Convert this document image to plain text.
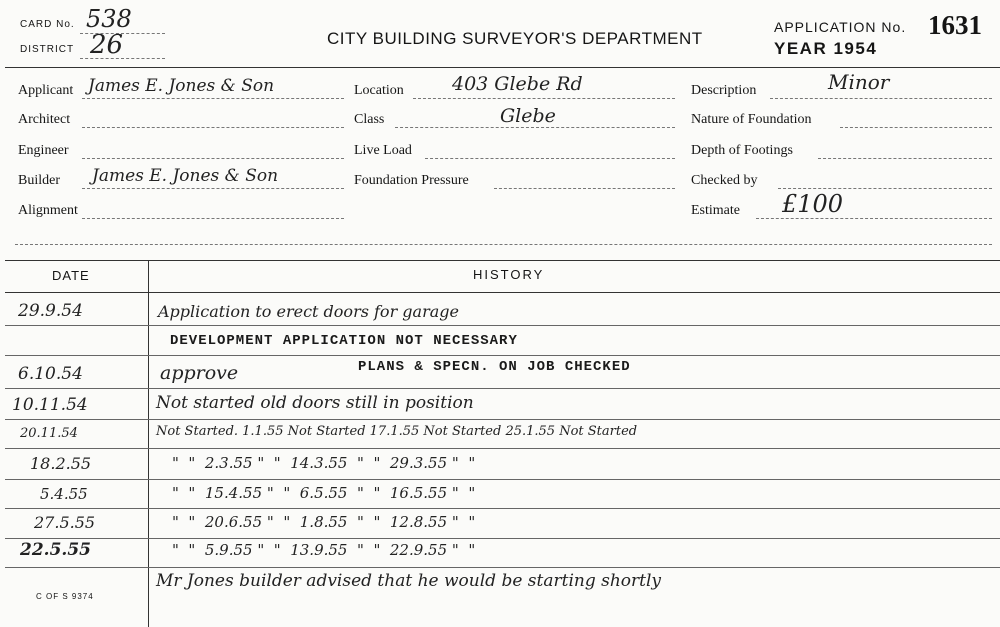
CARD No. 538
DISTRICT 26	CITY BUILDING SURVEYOR'S DEPARTMENT
APPLICATION No. 1631
YEAR 1954
Applicant James E. Jones & Son
Architect
Engineer
Builder James E. Jones & Son
Alignment
Location	403 Glebe Rd
Class	Glebe
Live Load
Foundation Pressure
Description	Minor
Nature of Foundation
Depth of Footings
Checked by
Estimate £100
DATE	HISTORY
29.9.54	Application to erect doors for garage
DEVELOPMENT APPLICATION NOT NECESSARY
6.10.54	approve	PLANS & SPECN. ON JOB CHECKED
10.11.54	Not started old doors still in position
20.11.54	Not Started. 1.1.55 Not Started 17.1.55 Not Started 25.1.55 Not Started
18.2.55	"  "  2.3.55 "  "  14.3.55  "  "  29.3.55 "  "
5.4.55	"  "  15.4.55 "  "  6.5.55  "  "  16.5.55 "  "
27.5.55	"  "  20.6.55 "  "  1.8.55  "  "  12.8.55 "  "
22.5.55	"  "  5.9.55 "  "  13.9.55  "  "  22.9.55 "  "
Mr Jones builder advised that he would be starting shortly
C OF S 9374
